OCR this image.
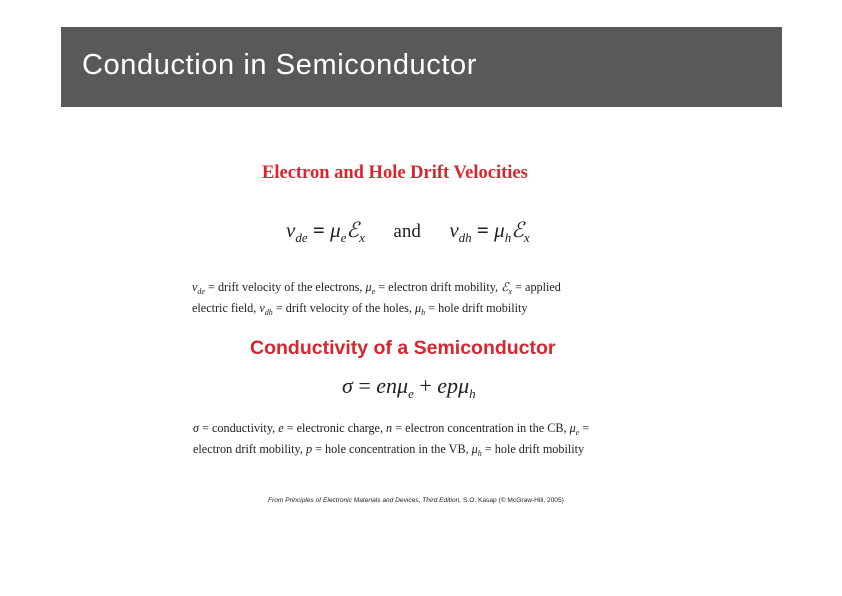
Conduction in Semiconductor
Electron and Hole Drift Velocities
$v_{de}$ = $\mu_eℰ_x$ and $v_{dh}$ = $\mu_hℰ_x$
$v_{de}$ = drift velocity of the electrons, $\mu_e$ = electron drift mobility, ℰ$_x$ = applied
electric field, $v_{dh}$ = drift velocity of the holes, $\mu_h$ = hole drift mobility
Conductivity of a Semiconductor
σ = enμ$_e$ + epμ$_h$
σ = conductivity, e = electronic charge, n = electron concentration in the CB, $\mu_e$ =
electron drift mobility, p = hole concentration in the VB, $\mu_h$ = hole drift mobility
From Principles of Electronic Materials and Devices, Third Edition, S.O. Kasap (© McGraw-Hill, 2005)
